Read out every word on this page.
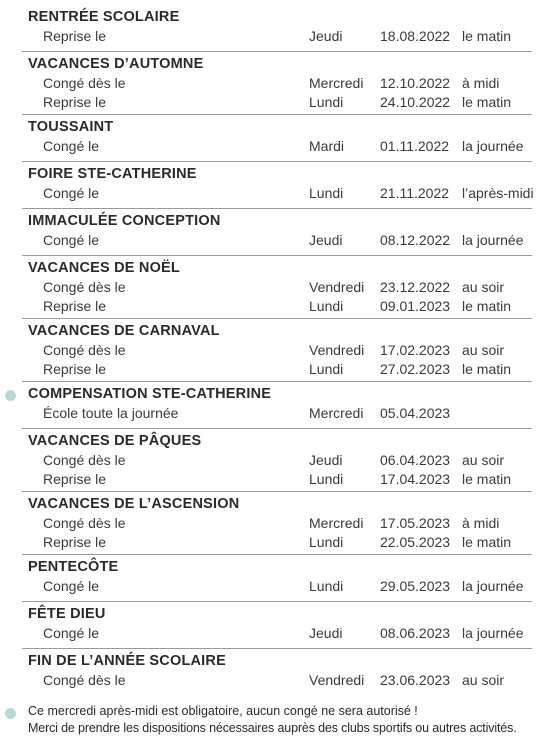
RENTRÉE SCOLAIRE
Reprise le	Jeudi	18.08.2022 le matin
VACANCES D’AUTOMNE
Congé dès le	Mercredi 12.10.2022 à midi
Reprise le	Lundi	24.10.2022 le matin
TOUSSAINT
Congé le	Mardi	01.11.2022 la journée
FOIRE STE-CATHERINE
Congé le	Lundi	21.11.2022 l’après-midi
IMMACULÉE CONCEPTION
Congé le	Jeudi	08.12.2022 la journée
VACANCES DE NOËL
Congé dès le	Vendredi 23.12.2022 au soir
Reprise le	Lundi	09.01.2023 le matin
VACANCES DE CARNAVAL
Congé dès le	Vendredi 17.02.2023 au soir
Reprise le	Lundi	27.02.2023 le matin
COMPENSATION STE-CATHERINE
École toute la journée	Mercredi 05.04.2023
VACANCES DE PÂQUES
Congé dès le	Jeudi	06.04.2023 au soir
Reprise le	Lundi	17.04.2023 le matin
VACANCES DE L’ASCENSION
Congé dès le	Mercredi 17.05.2023 à midi
Reprise le	Lundi	22.05.2023 le matin
PENTECÔTE
Congé le	Lundi	29.05.2023 la journée
FÊTE DIEU
Congé le	Jeudi	08.06.2023 la journée
FIN DE L’ANNÉE SCOLAIRE
Congé dès le	Vendredi 23.06.2023 au soir
Ce mercredi après-midi est obligatoire, aucun congé ne sera autorisé !
Merci de prendre les dispositions nécessaires auprès des clubs sportifs ou autres activités.
